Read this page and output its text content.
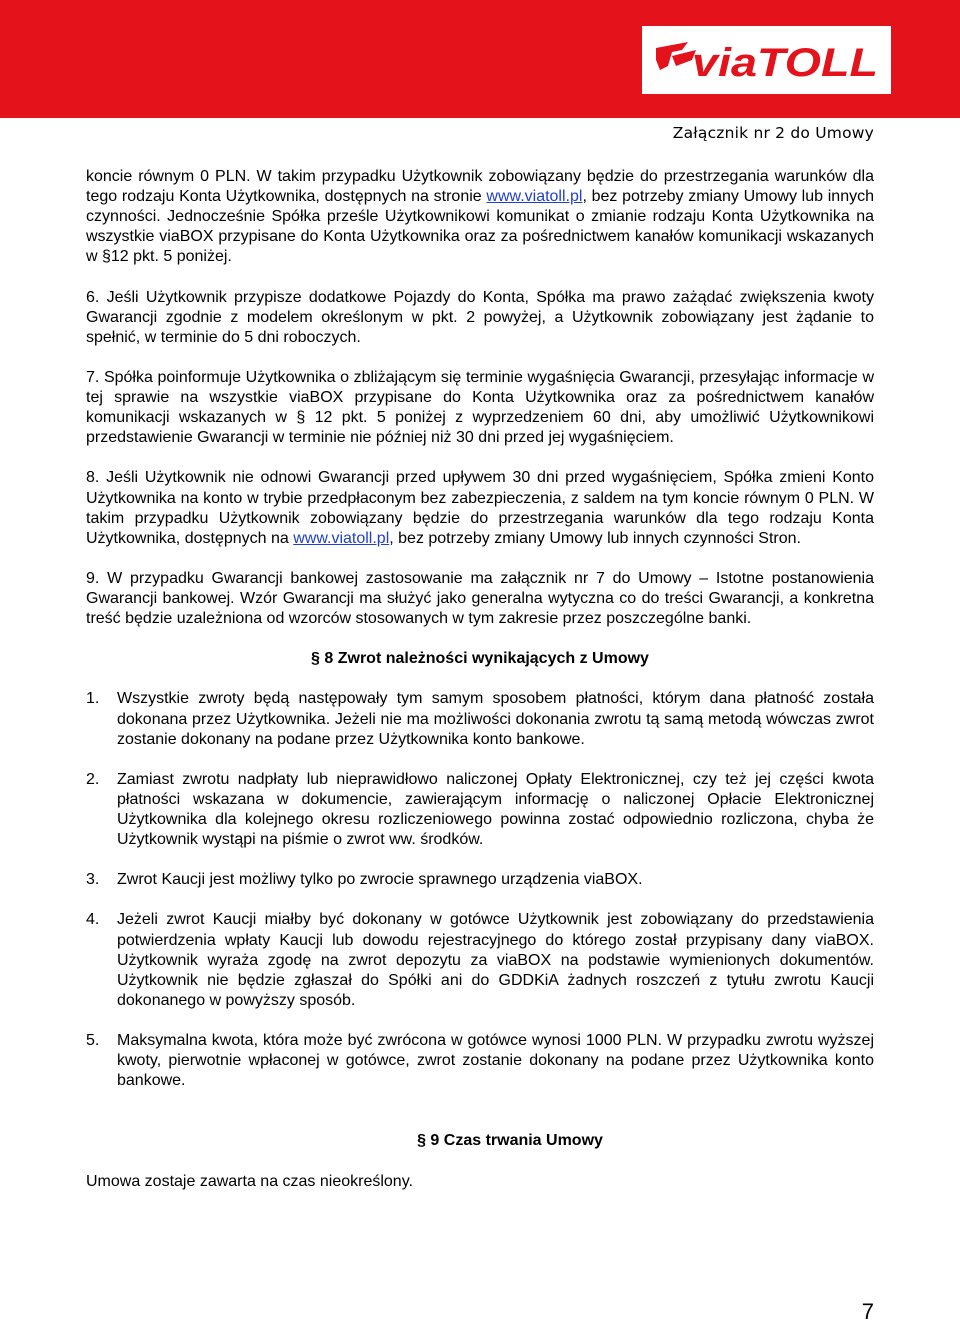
viaTOLL
Załącznik nr 2 do Umowy

koncie równym 0 PLN. W takim przypadku Użytkownik zobowiązany będzie do przestrzegania warunków dla tego rodzaju Konta Użytkownika, dostępnych na stronie www.viatoll.pl, bez potrzeby zmiany Umowy lub innych czynności. Jednocześnie Spółka prześle Użytkownikowi komunikat o zmianie rodzaju Konta Użytkownika na wszystkie viaBOX przypisane do Konta Użytkownika oraz za pośrednictwem kanałów komunikacji wskazanych w §12 pkt. 5 poniżej.

6. Jeśli Użytkownik przypisze dodatkowe Pojazdy do Konta, Spółka ma prawo zażądać zwiększenia kwoty Gwarancji zgodnie z modelem określonym w pkt. 2 powyżej, a Użytkownik zobowiązany jest żądanie to spełnić, w terminie do 5 dni roboczych.

7. Spółka poinformuje Użytkownika o zbliżającym się terminie wygaśnięcia Gwarancji, przesyłając informacje w tej sprawie na wszystkie viaBOX przypisane do Konta Użytkownika oraz za pośrednictwem kanałów komunikacji wskazanych w § 12 pkt. 5 poniżej z wyprzedzeniem 60 dni, aby umożliwić Użytkownikowi przedstawienie Gwarancji w terminie nie później niż 30 dni przed jej wygaśnięciem.

8. Jeśli Użytkownik nie odnowi Gwarancji przed upływem 30 dni przed wygaśnięciem, Spółka zmieni Konto Użytkownika na konto w trybie przedpłaconym bez zabezpieczenia, z saldem na tym koncie równym 0 PLN. W takim przypadku Użytkownik zobowiązany będzie do przestrzegania warunków dla tego rodzaju Konta Użytkownika, dostępnych na www.viatoll.pl, bez potrzeby zmiany Umowy lub innych czynności Stron.

9. W przypadku Gwarancji bankowej zastosowanie ma załącznik nr 7 do Umowy – Istotne postanowienia Gwarancji bankowej. Wzór Gwarancji ma służyć jako generalna wytyczna co do treści Gwarancji, a konkretna treść będzie uzależniona od wzorców stosowanych w tym zakresie przez poszczególne banki.

§ 8 Zwrot należności wynikających z Umowy
1. Wszystkie zwroty będą następowały tym samym sposobem płatności, którym dana płatność została dokonana przez Użytkownika. Jeżeli nie ma możliwości dokonania zwrotu tą samą metodą wówczas zwrot zostanie dokonany na podane przez Użytkownika konto bankowe.
2. Zamiast zwrotu nadpłaty lub nieprawidłowo naliczonej Opłaty Elektronicznej, czy też jej części kwota płatności wskazana w dokumencie, zawierającym informację o naliczonej Opłacie Elektronicznej Użytkownika dla kolejnego okresu rozliczeniowego powinna zostać odpowiednio rozliczona, chyba że Użytkownik wystąpi na piśmie o zwrot ww. środków.
3. Zwrot Kaucji jest możliwy tylko po zwrocie sprawnego urządzenia viaBOX.
4. Jeżeli zwrot Kaucji miałby być dokonany w gotówce Użytkownik jest zobowiązany do przedstawienia potwierdzenia wpłaty Kaucji lub dowodu rejestracyjnego do którego został przypisany dany viaBOX. Użytkownik wyraża zgodę na zwrot depozytu za viaBOX na podstawie wymienionych dokumentów. Użytkownik nie będzie zgłaszał do Spółki ani do GDDKiA żadnych roszczeń z tytułu zwrotu Kaucji dokonanego w powyższy sposób.
5. Maksymalna kwota, która może być zwrócona w gotówce wynosi 1000 PLN. W przypadku zwrotu wyższej kwoty, pierwotnie wpłaconej w gotówce, zwrot zostanie dokonany na podane przez Użytkownika konto bankowe.
§ 9 Czas trwania Umowy

Umowa zostaje zawarta na czas nieokreślony.

7
